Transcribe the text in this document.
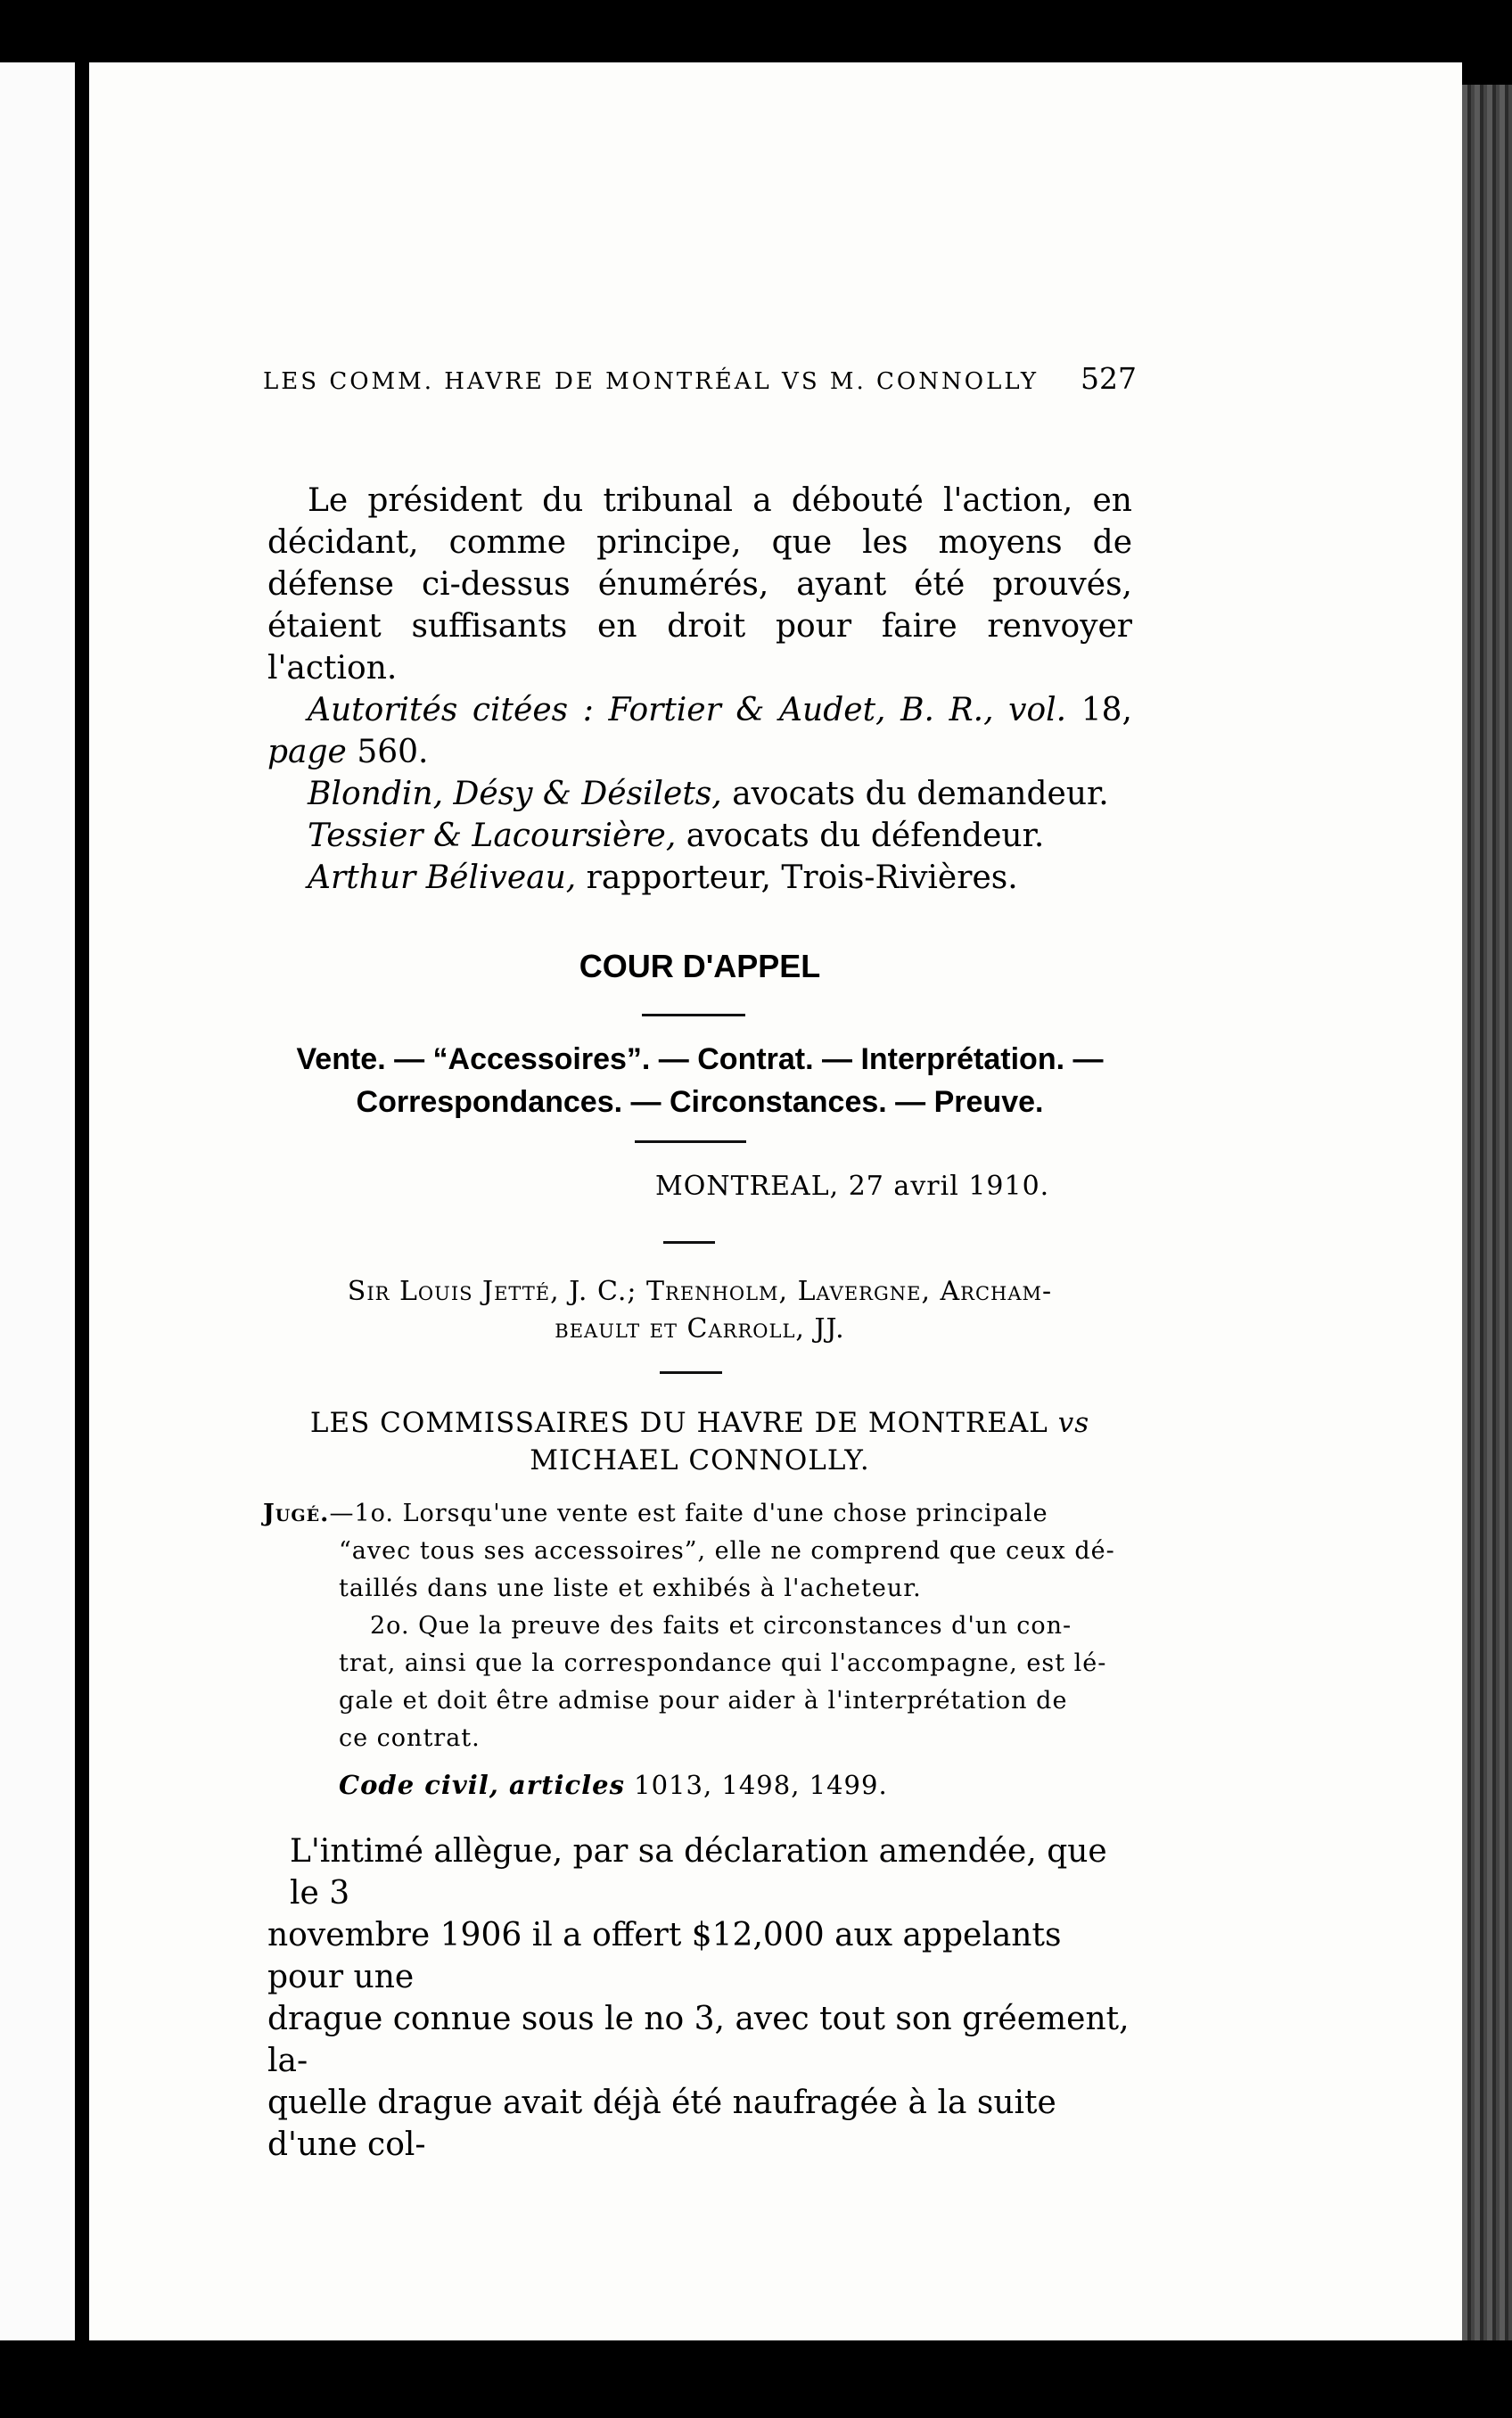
LES COMM. HAVRE DE MONTRÉAL VS M. CONNOLLY 527

Le président du tribunal a débouté l'action, en décidant, comme principe, que les moyens de défense ci-dessus énumérés, ayant été prouvés, étaient suffisants en droit pour faire renvoyer l'action.

Autorités citées : Fortier & Audet, B. R., vol. 18, page 560.

Blondin, Désy & Désilets, avocats du demandeur.

Tessier & Lacoursière, avocats du défendeur.

Arthur Béliveau, rapporteur, Trois-Rivières.

COUR D'APPEL
Vente. — “Accessoires”. — Contrat. — Interprétation. —
Correspondances. — Circonstances. — Preuve.
MONTREAL, 27 avril 1910.
Sir Louis Jetté, J. C.; Trenholm, Lavergne, Archam-
beault et Carroll, JJ.
LES COMMISSAIRES DU HAVRE DE MONTREAL vs
MICHAEL CONNOLLY.

Jugé.—1o. Lorsqu'une vente est faite d'une chose principale

“avec tous ses accessoires”, elle ne comprend que ceux dé-

taillés dans une liste et exhibés à l'acheteur.

2o. Que la preuve des faits et circonstances d'un con-

trat, ainsi que la correspondance qui l'accompagne, est lé-

gale et doit être admise pour aider à l'interprétation de

ce contrat.

Code civil, articles 1013, 1498, 1499.

L'intimé allègue, par sa déclaration amendée, que le 3

novembre 1906 il a offert $12,000 aux appelants pour une

drague connue sous le no 3, avec tout son gréement, la-

quelle drague avait déjà été naufragée à la suite d'une col-
